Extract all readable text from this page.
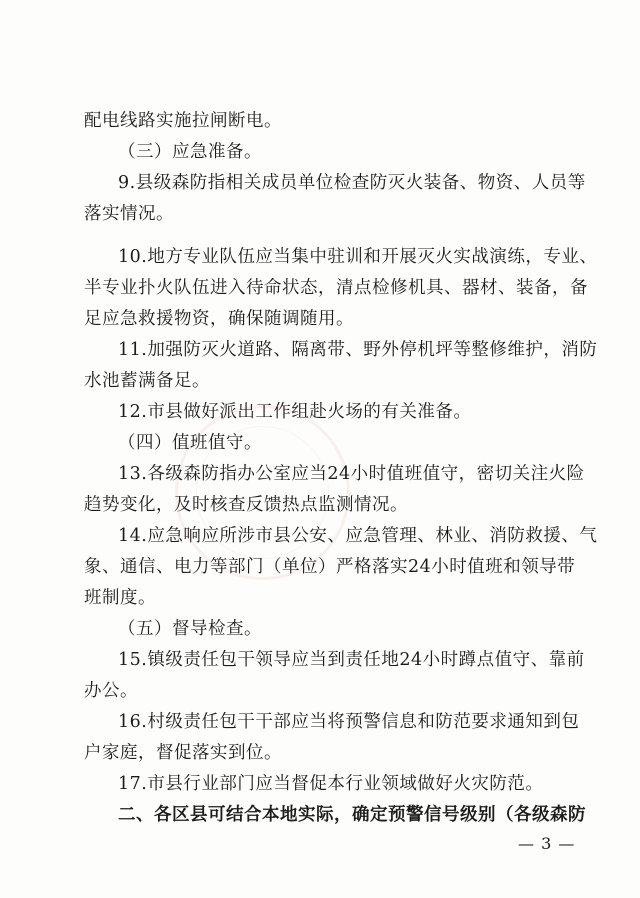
配电线路实施拉闸断电。
（三）应急准备。
9.县级森防指相关成员单位检查防灭火装备、物资、人员等
落实情况。
10.地方专业队伍应当集中驻训和开展灭火实战演练，专业、
半专业扑火队伍进入待命状态，清点检修机具、器材、装备，备
足应急救援物资，确保随调随用。
11.加强防灭火道路、隔离带、野外停机坪等整修维护，消防
水池蓄满备足。
12.市县做好派出工作组赴火场的有关准备。
（四）值班值守。
13.各级森防指办公室应当24小时值班值守，密切关注火险
趋势变化，及时核查反馈热点监测情况。
14.应急响应所涉市县公安、应急管理、林业、消防救援、气
象、通信、电力等部门（单位）严格落实24小时值班和领导带
班制度。
（五）督导检查。
15.镇级责任包干领导应当到责任地24小时蹲点值守、靠前
办公。
16.村级责任包干干部应当将预警信息和防范要求通知到包
户家庭，督促落实到位。
17.市县行业部门应当督促本行业领域做好火灾防范。
二、各区县可结合本地实际，确定预警信号级别（各级森防
— 3 —
